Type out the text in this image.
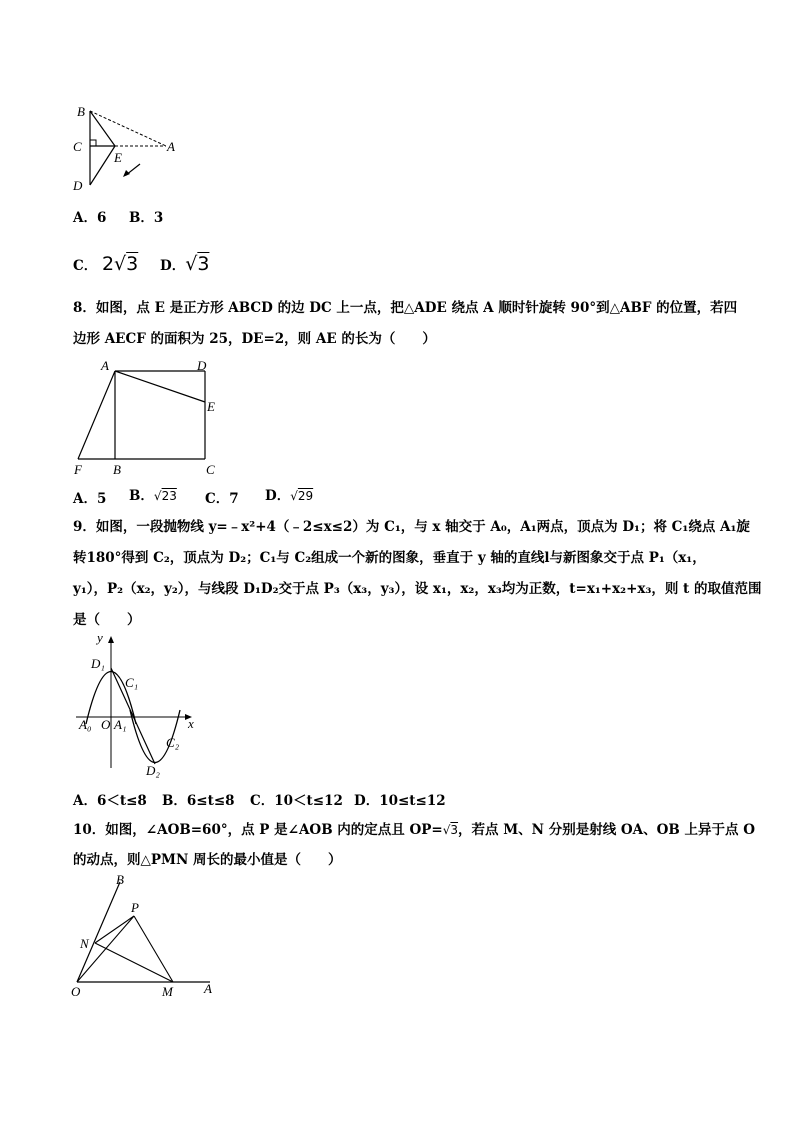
B
C
D
E
A
A．6 B．3
C． 2√3 D．√3
8．如图，点 E 是正方形 ABCD 的边 DC 上一点，把△ADE 绕点 A 顺时针旋转 90°到△ABF 的位置，若四
边形 AECF 的面积为 25，DE=2，则 AE 的长为（　　）
A	D
E
F B	C
A．5 B．√23 C．7 D．√29
9．如图，一段抛物线 y=﹣x²+4（﹣2≤x≤2）为 C₁，与 x 轴交于 A₀，A₁两点，顶点为 D₁；将 C₁绕点 A₁旋
转180°得到 C₂，顶点为 D₂；C₁与 C₂组成一个新的图象，垂直于 y 轴的直线l与新图象交于点 P₁（x₁，
y₁），P₂（x₂，y₂），与线段 D₁D₂交于点 P₃（x₃，y₃），设 x₁，x₂，x₃均为正数，t=x₁+x₂+x₃，则 t 的取值范围
是（　　）
y
x
D₁
C₁
A₀ O A₁
C₂
D₂
A．6＜t≤8 B．6≤t≤8 C．10＜t≤12 D．10≤t≤12
10．如图，∠AOB=60°，点 P 是∠AOB 内的定点且 OP=√3，若点 M、N 分别是射线 OA、OB 上异于点 O
的动点，则△PMN 周长的最小值是（　　）
B
P
N
O	M A
